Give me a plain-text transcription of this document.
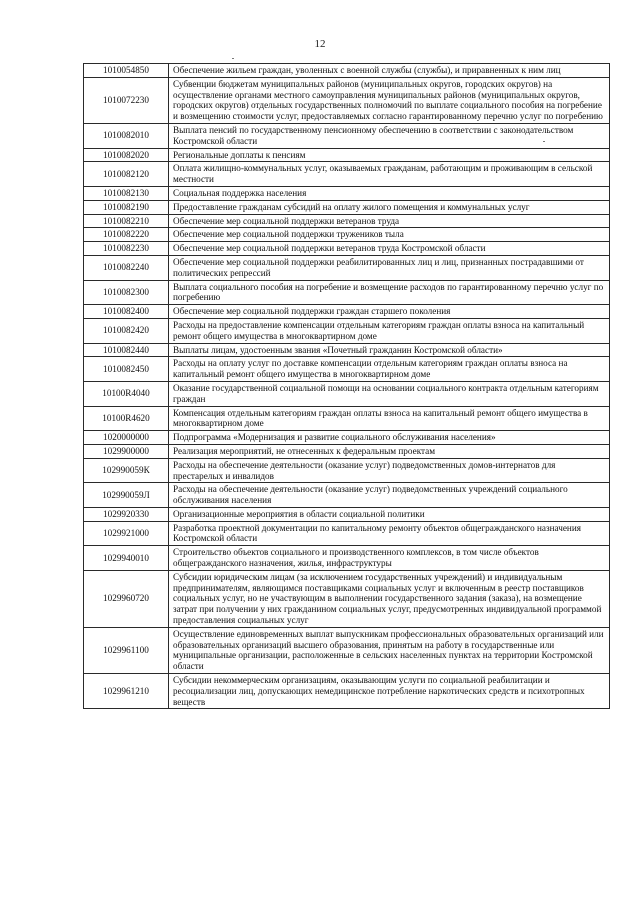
12
1010054850	Обеспечение жильем граждан, уволенных с военной службы (службы), и приравненных к ним лиц
1010072230	Субвенции бюджетам муниципальных районов (муниципальных округов, городских округов) на осуществление органами местного самоуправления муниципальных районов (муниципальных округов, городских округов) отдельных государственных полномочий по выплате социального пособия на погребение и возмещению стоимости услуг, предоставляемых согласно гарантированному перечню услуг по погребению
1010082010	Выплата пенсий по государственному пенсионному обеспечению в соответствии с законодательством Костромской области
1010082020	Региональные доплаты к пенсиям
1010082120	Оплата жилищно-коммунальных услуг, оказываемых гражданам, работающим и проживающим в сельской местности
1010082130	Социальная поддержка населения
1010082190	Предоставление гражданам субсидий на оплату жилого помещения и коммунальных услуг
1010082210	Обеспечение мер социальной поддержки ветеранов труда
1010082220	Обеспечение мер социальной поддержки тружеников тыла
1010082230	Обеспечение мер социальной поддержки ветеранов труда Костромской области
1010082240	Обеспечение мер социальной поддержки реабилитированных лиц и лиц, признанных пострадавшими от политических репрессий
1010082300	Выплата социального пособия на погребение и возмещение расходов по гарантированному перечню услуг по погребению
1010082400	Обеспечение мер социальной поддержки граждан старшего поколения
1010082420	Расходы на предоставление компенсации отдельным категориям граждан оплаты взноса на капитальный ремонт общего имущества в многоквартирном доме
1010082440	Выплаты лицам, удостоенным звания «Почетный гражданин Костромской области»
1010082450	Расходы на оплату услуг по доставке компенсации отдельным категориям граждан оплаты взноса на капитальный ремонт общего имущества в многоквартирном доме
10100R4040	Оказание государственной социальной помощи на основании социального контракта отдельным категориям граждан
10100R4620	Компенсация отдельным категориям граждан оплаты взноса на капитальный ремонт общего имущества в многоквартирном доме
1020000000	Подпрограмма «Модернизация и развитие социального обслуживания населения»
1029900000	Реализация мероприятий, не отнесенных к федеральным проектам
102990059К	Расходы на обеспечение деятельности (оказание услуг) подведомственных домов-интернатов для престарелых и инвалидов
102990059Л	Расходы на обеспечение деятельности (оказание услуг) подведомственных учреждений социального обслуживания населения
1029920330	Организационные мероприятия в области социальной политики
1029921000	Разработка проектной документации по капитальному ремонту объектов общегражданского назначения Костромской области
1029940010	Строительство объектов социального и производственного комплексов, в том числе объектов общегражданского назначения, жилья, инфраструктуры
1029960720	Субсидии юридическим лицам (за исключением государственных учреждений) и индивидуальным предпринимателям, являющимся поставщиками социальных услуг и включенным в реестр поставщиков социальных услуг, но не участвующим в выполнении государственного задания (заказа), на возмещение затрат при получении у них гражданином социальных услуг, предусмотренных индивидуальной программой предоставления социальных услуг
1029961100	Осуществление единовременных выплат выпускникам профессиональных образовательных организаций или образовательных организаций высшего образования, принятым на работу в государственные или муниципальные организации, расположенные в сельских населенных пунктах на территории Костромской области
1029961210	Субсидии некоммерческим организациям, оказывающим услуги по социальной реабилитации и ресоциализации лиц, допускающих немедицинское потребление наркотических средств и психотропных веществ
